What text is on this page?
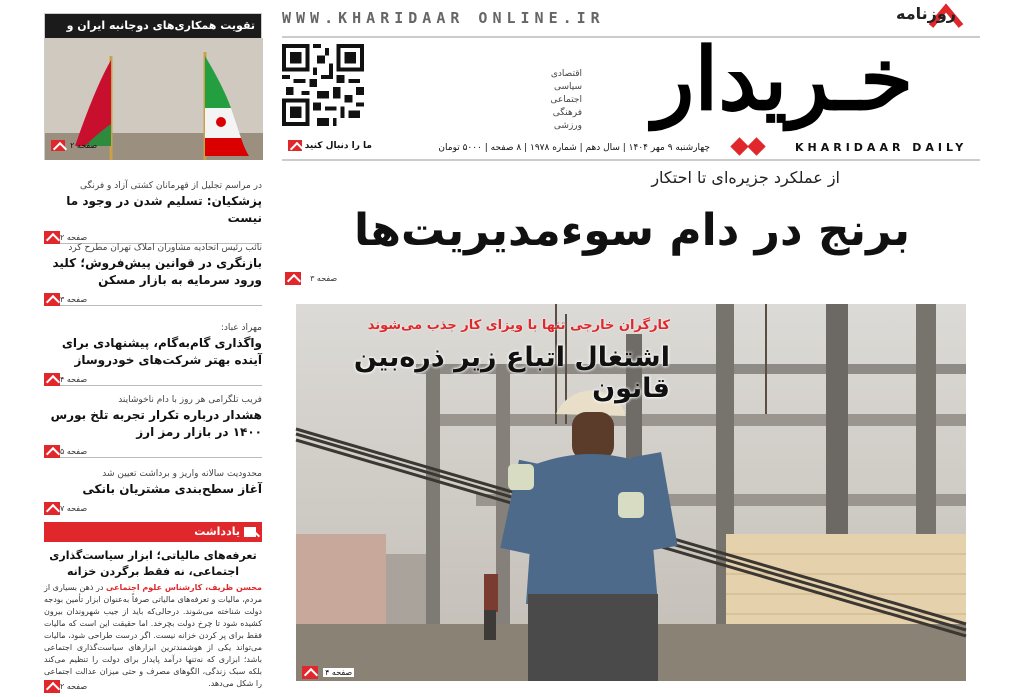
WWW.KHARIDAAR ONLINE.IR	روزنامه
خـریدار
KHARIDAAR DAILY
اقتصادی
سیاسی
اجتماعی
فرهنگی
ورزشی
ما را دنبال کنید	چهارشنبه ۹ مهر ۱۴۰۴ | سال دهم | شماره ۱۹۷۸ | ۸ صفحه | ۵۰۰۰ تومان
تقویت همکاری‌های دوجانبه ایران و
صفحه ۲
از عملکرد جزیره‌ای تا احتکار
برنج در دام سوءمدیریت‌ها
صفحه ۳
کارگران خارجی تنها با ویزای کار جذب می‌شوند
اشتغال اتباع زیر ذره‌بین قانون
صفحه ۴
در مراسم تجلیل از قهرمانان کشتی آزاد و فرنگی
پزشکیان: تسلیم شدن در وجود ما نیست
صفحه ۲
نائب رئیس اتحادیه مشاوران املاک تهران مطرح کرد
بازنگری در قوانین پیش‌فروش؛ کلید ورود سرمایه به بازار مسکن
صفحه ۳
مهراد عباد:
واگذاری گام‌به‌گام، پیشنهادی برای آینده بهتر شرکت‌های خودروساز
صفحه ۴
فریب تلگرامی هر روز با دام ناخوشایند
هشدار درباره تکرار تجربه تلخ بورس ۱۴۰۰ در بازار رمز ارز
صفحه ۵
محدودیت سالانه واریز و برداشت تعیین شد
آغاز سطح‌بندی مشتریان بانکی
صفحه ۷
یادداشت
تعرفه‌های مالیاتی؛ ابزار سیاست‌گذاری اجتماعی، نه فقط برگردن خزانه
محسن ظریف، کارشناس علوم اجتماعی در ذهن بسیاری از مردم، مالیات و تعرفه‌های مالیاتی صرفاً به‌عنوان ابزار تأمین بودجه دولت شناخته می‌شوند. درحالی‌که باید از جیب شهروندان بیرون کشیده شود تا چرخ دولت بچرخد. اما حقیقت این است که مالیات فقط برای پر کردن خزانه نیست. اگر درست طراحی شود، مالیات می‌تواند یکی از هوشمندترین ابزارهای سیاست‌گذاری اجتماعی باشد؛ ابزاری که نه‌تنها درآمد پایدار برای دولت را تنظیم می‌کند بلکه سبک زندگی، الگوهای مصرف و حتی میزان عدالت اجتماعی را شکل می‌دهد.
صفحه ۲
